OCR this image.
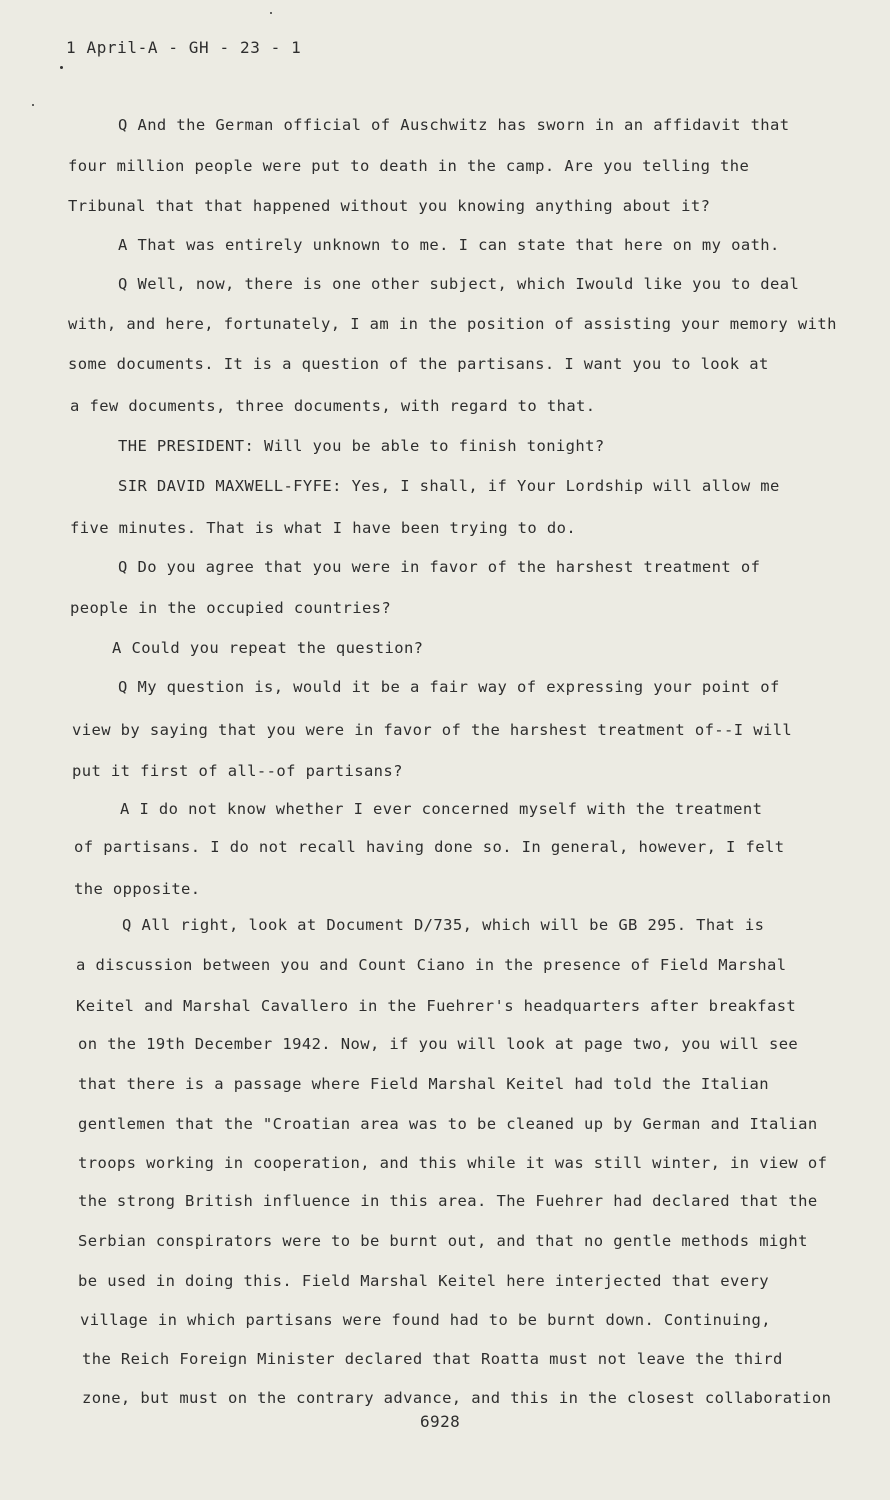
1 April-A - GH - 23 - 1
Q And the German official of Auschwitz has sworn in an affidavit that
four million people were put to death in the camp. Are you telling the
Tribunal that that happened without you knowing anything about it?
A That was entirely unknown to me. I can state that here on my oath.
Q Well, now, there is one other subject, which Iwould like you to deal
with, and here, fortunately, I am in the position of assisting your memory with
some documents. It is a question of the partisans. I want you to look at
a few documents, three documents, with regard to that.
THE PRESIDENT: Will you be able to finish tonight?
SIR DAVID MAXWELL-FYFE: Yes, I shall, if Your Lordship will allow me
five minutes. That is what I have been trying to do.
Q Do you agree that you were in favor of the harshest treatment of
people in the occupied countries?
A Could you repeat the question?
Q My question is, would it be a fair way of expressing your point of
view by saying that you were in favor of the harshest treatment of--I will
put it first of all--of partisans?
A I do not know whether I ever concerned myself with the treatment
of partisans. I do not recall having done so. In general, however, I felt
the opposite.
Q All right, look at Document D/735, which will be GB 295. That is
a discussion between you and Count Ciano in the presence of Field Marshal
Keitel and Marshal Cavallero in the Fuehrer's headquarters after breakfast
on the 19th December 1942. Now, if you will look at page two, you will see
that there is a passage where Field Marshal Keitel had told the Italian
gentlemen that the "Croatian area was to be cleaned up by German and Italian
troops working in cooperation, and this while it was still winter, in view of
the strong British influence in this area. The Fuehrer had declared that the
Serbian conspirators were to be burnt out, and that no gentle methods might
be used in doing this. Field Marshal Keitel here interjected that every
village in which partisans were found had to be burnt down. Continuing,
the Reich Foreign Minister declared that Roatta must not leave the third
zone, but must on the contrary advance, and this in the closest collaboration
6928
